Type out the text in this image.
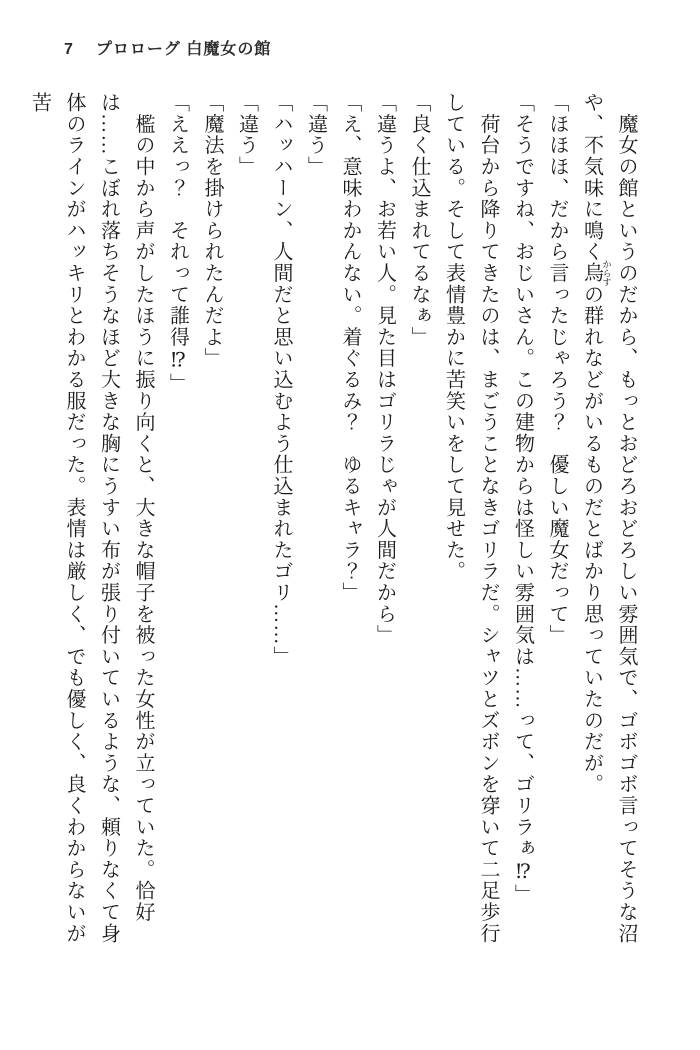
7 プロローグ 白魔女の館

　魔女の館というのだから、もっとおどろおどろしい雰囲気で、ゴボゴボ言ってそうな沼や、不気味に鳴く烏 からすの群れなどがいるものだとばかり思っていたのだが。

「ほほほ、だから言ったじゃろう？　優しい魔女だって」

「そうですね、おじいさん。この建物からは怪しい雰囲気は……って、ゴリラぁ⁉」

　荷台から降りてきたのは、まごうことなきゴリラだ。シャツとズボンを穿いて二足歩行している。そして表情豊かに苦笑いをして見せた。

「良く仕込まれてるなぁ」

「違うよ、お若い人。見た目はゴリラじゃが人間だから」

「え、意味わかんない。着ぐるみ？　ゆるキャラ？」

「違う」

「ハッハーン、人間だと思い込むよう仕込まれたゴリ……」

「違う」

「魔法を掛けられたんだよ」

「ええっ？　それって誰得⁉」

　檻の中から声がしたほうに振り向くと、大きな帽子を被った女性が立っていた。恰好は……こぼれ落ちそうなほど大きな胸にうすい布が張り付いているような、頼りなくて身体のラインがハッキリとわかる服だった。表情は厳しく、でも優しく、良くわからないが苦
